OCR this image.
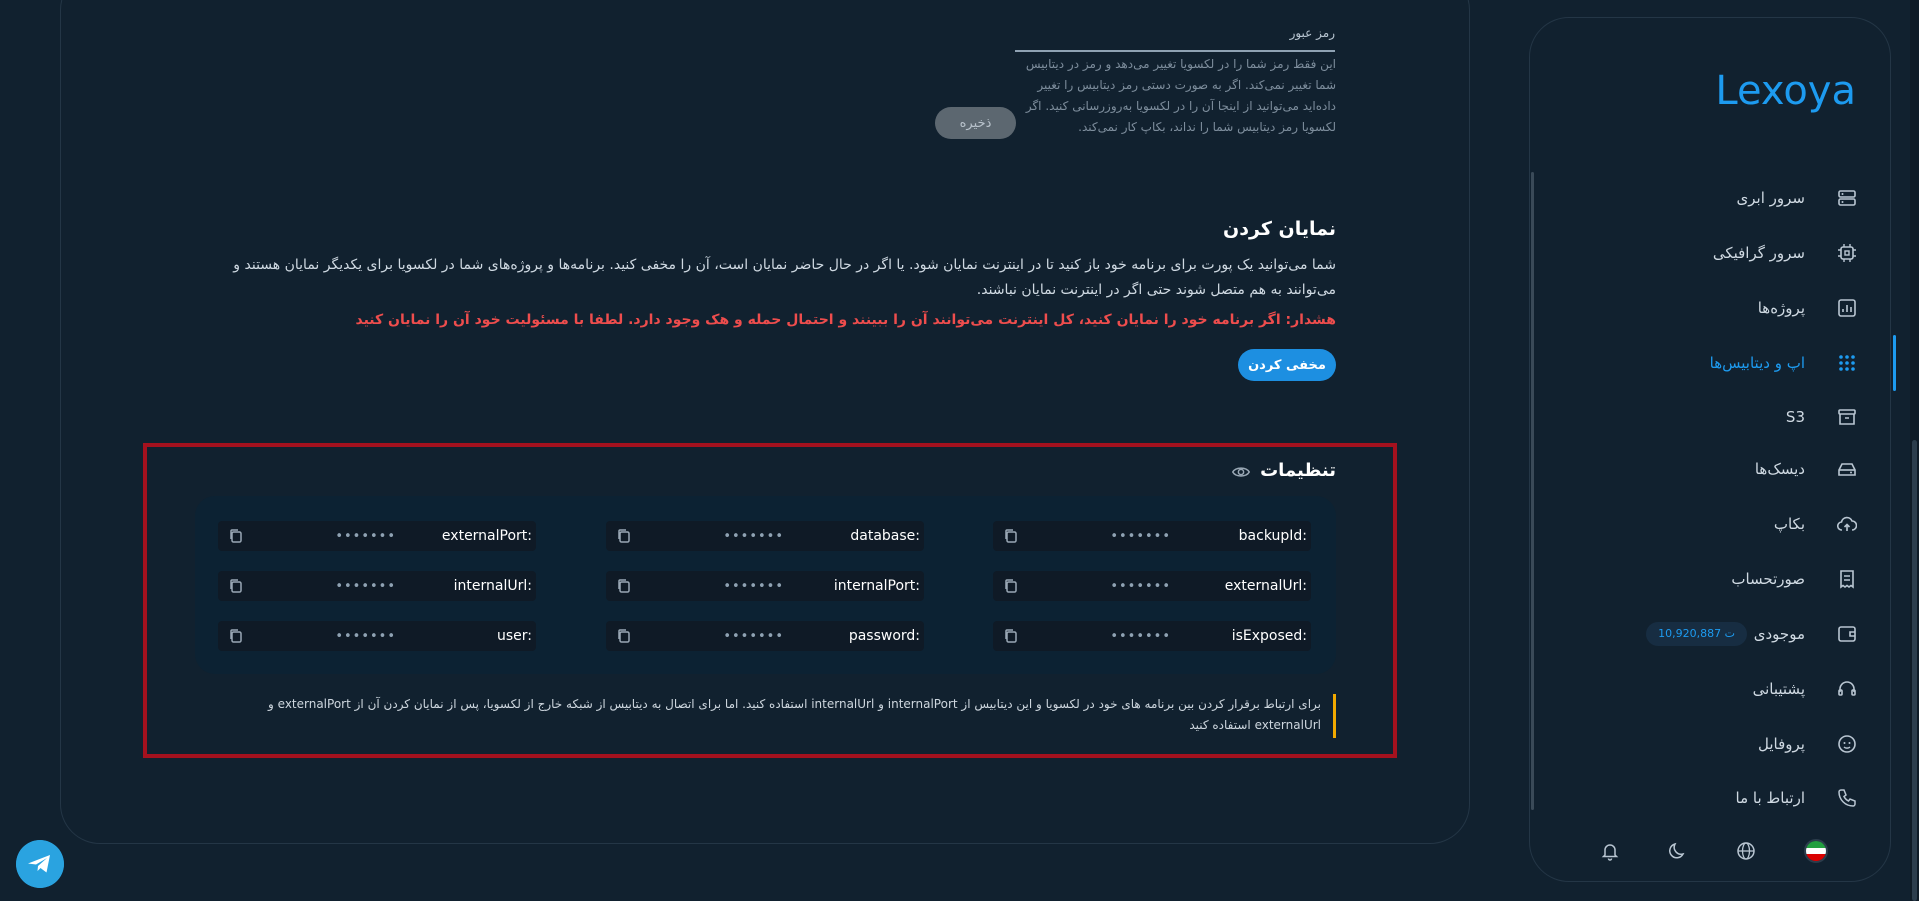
رمز عبور
این فقط رمز شما را در لکسویا تغییر می‌دهد و رمز در دیتابیس شما تغییر نمی‌کند. اگر به صورت دستی رمز دیتابیس را تغییر داده‌اید می‌توانید از اینجا آن را در لکسویا به‌روزرسانی کنید. اگر لکسویا رمز دیتابیس شما را نداند، بکاپ کار نمی‌کند.
ذخیره
نمایان کردن
شما می‌توانید یک پورت برای برنامه خود باز کنید تا در اینترنت نمایان شود. یا اگر در حال حاضر نمایان است، آن را مخفی کنید. برنامه‌ها و پروژه‌های شما در لکسویا برای یکدیگر نمایان هستند و می‌توانند به هم متصل شوند حتی اگر در اینترنت نمایان نباشند.
هشدار: اگر برنامه خود را نمایان کنید، کل اینترنت می‌توانند آن را ببینند و احتمال حمله و هک وجود دارد. لطفا با مسئولیت خود آن را نمایان کنید
مخفی کردن
تنظیمات
backupId:
•••••••
database:
•••••••
externalPort:
•••••••
externalUrl:
•••••••
internalPort:
•••••••
internalUrl:
•••••••
isExposed:
•••••••
password:
•••••••
user:
•••••••
برای ارتباط برقرار کردن بین برنامه های خود در لکسویا و این دیتابیس از internalPort و internalUrl استفاده کنید. اما برای اتصال به دیتابیس از شبکه خارج از لکسویا، پس از نمایان کردن آن از externalPort و externalUrl استفاده کنید
Lexoya
سرور ابری
سرور گرافیکی
پروژه‌ها
اپ و دیتابیس‌ها
S3
دیسک‌ها
بکاپ
صورتحساب
موجودی
10,920,887 ت
پشتیبانی
پروفایل
ارتباط با ما
